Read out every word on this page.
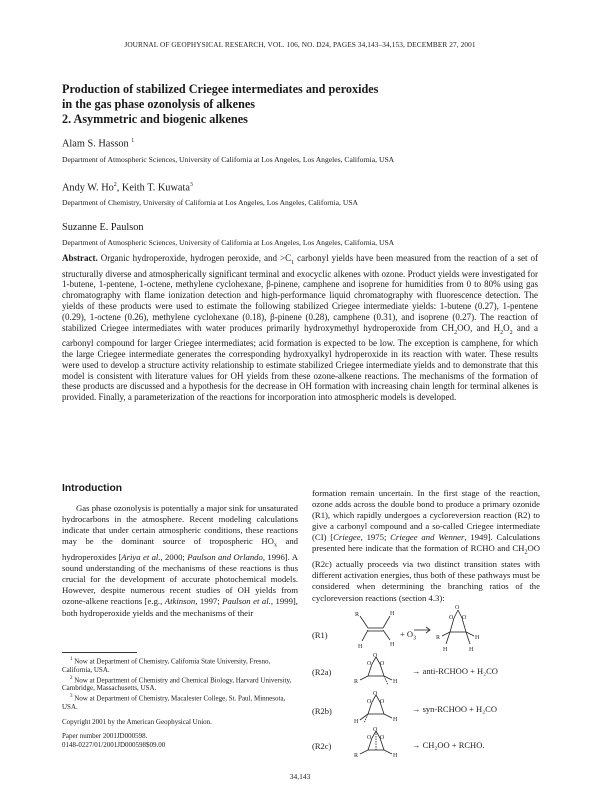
JOURNAL OF GEOPHYSICAL RESEARCH, VOL. 106, NO. D24, PAGES 34,143–34,153, DECEMBER 27, 2001
Production of stabilized Criegee intermediates and peroxides
in the gas phase ozonolysis of alkenes
2. Asymmetric and biogenic alkenes
Alam S. Hasson $^1$
Department of Atmospheric Sciences, University of California at Los Angeles, Los Angeles, California, USA
Andy W. Ho$^2$, Keith T. Kuwata$^3$
Department of Chemistry, University of California at Los Angeles, Los Angeles, California, USA
Suzanne E. Paulson
Department of Atmospheric Sciences, University of California at Los Angeles, Los Angeles, California, USA
Abstract. Organic hydroperoxide, hydrogen peroxide, and $>C_1$ carbonyl yields have been measured from the reaction of a set of structurally diverse and atmospherically significant terminal and exocyclic alkenes with ozone. Product yields were investigated for 1-butene, 1-pentene, 1-octene, methylene cyclohexane, β-pinene, camphene and isoprene for humidities from 0 to 80% using gas chromatography with flame ionization detection and high-performance liquid chromatography with fluorescence detection. The yields of these products were used to estimate the following stabilized Criegee intermediate yields: 1-butene (0.27), 1-pentene (0.29), 1-octene (0.26), methylene cyclohexane (0.18), β-pinene (0.28), camphene (0.31), and isoprene (0.27). The reaction of stabilized Criegee intermediates with water produces primarily hydroxymethyl hydroperoxide from $CH_2OO$, and $H_2O_2$ and a carbonyl compound for larger Criegee intermediates; acid formation is expected to be low. The exception is camphene, for which the large Criegee intermediate generates the corresponding hydroxyalkyl hydroperoxide in its reaction with water. These results were used to develop a structure activity relationship to estimate stabilized Criegee intermediate yields and to demonstrate that this model is consistent with literature values for OH yields from these ozone-alkene reactions. The mechanisms of the formation of these products are discussed and a hypothesis for the decrease in OH formation with increasing chain length for terminal alkenes is provided. Finally, a parameterization of the reactions for incorporation into atmospheric models is developed.
Introduction
Gas phase ozonolysis is potentially a major sink for unsaturated hydrocarbons in the atmosphere. Recent modeling calculations indicate that under certain atmospheric conditions, these reactions may be the dominant source of tropospheric $HO_x$ and hydroperoxides [Ariya et al., 2000; Paulson and Orlando, 1996]. A sound understanding of the mechanisms of these reactions is thus crucial for the development of accurate photochemical models. However, despite numerous recent studies of OH yields from ozone-alkene reactions [e.g., Atkinson, 1997; Paulson et al., 1999], both hydroperoxide yields and the mechanisms of their
$^1$ Now at Department of Chemistry, California State University, Fresno, California, USA.
$^2$ Now at Department of Chemistry and Chemical Biology, Harvard University, Cambridge, Massachusetts, USA.
$^3$ Now at Department of Chemistry, Macalester College, St. Paul, Minnesota, USA.
Copyright 2001 by the American Geophysical Union.
Paper number 2001JD000598.
0148-0227/01/2001JD000598$09.00
formation remain uncertain. In the first stage of the reaction, ozone adds across the double bond to produce a primary ozonide (R1), which rapidly undergoes a cycloreversion reaction (R2) to give a carbonyl compound and a so-called Criegee intermediate (CI) [Criegee, 1975; Criegee and Wenner, 1949]. Calculations presented here indicate that the formation of RCHO and $CH_2OO$ (R2c) actually proceeds via two distinct transition states with different activation energies, thus both of these pathways must be considered when determining the branching ratios of the cycloreversion reactions (section 4.3):
(R1)
(R2a)
(R2b)
(R2c)
R	H
H
H
O O
O
R
H
H
H
+ $O_3$
O O
O
R	H
→ anti-RCHOO + H₂CO
O O
O
H	H
→ syn-RCHOO + H₂CO
O O
O
R	H
→ CH₂OO + RCHO.
34,143
